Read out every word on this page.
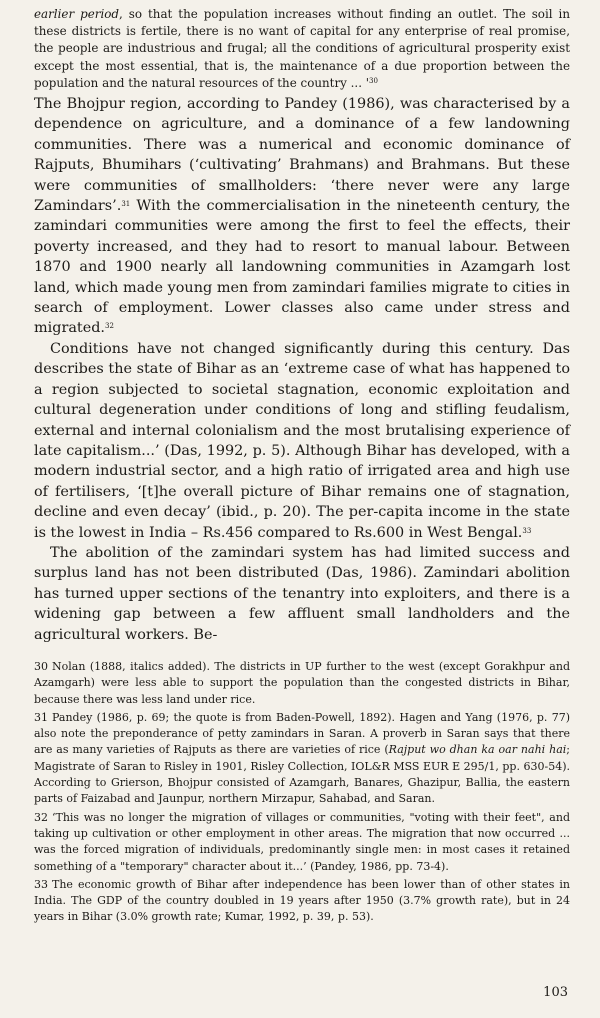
earlier period, so that the population increases without finding an outlet. The soil in these districts is fertile, there is no want of capital for any enterprise of real promise, the people are industrious and frugal; all the conditions of agricultural prosperity exist except the most essential, that is, the maintenance of a due proportion between the population and the natural resources of the country ... '$^{30}$

The Bhojpur region, according to Pandey (1986), was characterised by a dependence on agriculture, and a dominance of a few landowning communities. There was a numerical and economic dominance of Rajputs, Bhumihars (‘cultivating’ Brahmans) and Brahmans. But these were communities of smallholders: ‘there never were any large Zamindars’.$^{31}$ With the commercialisation in the nineteenth century, the zamindari communities were among the first to feel the effects, their poverty increased, and they had to resort to manual labour. Between 1870 and 1900 nearly all landowning communities in Azamgarh lost land, which made young men from zamindari families migrate to cities in search of employment. Lower classes also came under stress and migrated.$^{32}$

Conditions have not changed significantly during this century. Das describes the state of Bihar as an ‘extreme case of what has happened to a region subjected to societal stagnation, economic exploitation and cultural degeneration under conditions of long and stifling feudalism, external and internal colonialism and the most brutalising experience of late capitalism...’ (Das, 1992, p. 5). Although Bihar has developed, with a modern industrial sector, and a high ratio of irrigated area and high use of fertilisers, ‘[t]he overall picture of Bihar remains one of stagnation, decline and even decay’ (ibid., p. 20). The per-capita income in the state is the lowest in India – Rs.456 compared to Rs.600 in West Bengal.$^{33}$

The abolition of the zamindari system has had limited success and surplus land has not been distributed (Das, 1986). Zamindari abolition has turned upper sections of the tenantry into exploiters, and there is a widening gap between a few affluent small landholders and the agricultural workers. Be-

30 Nolan (1888, italics added). The districts in UP further to the west (except Gorakhpur and Azamgarh) were less able to support the population than the congested districts in Bihar, because there was less land under rice.

31 Pandey (1986, p. 69; the quote is from Baden-Powell, 1892). Hagen and Yang (1976, p. 77) also note the preponderance of petty zamindars in Saran. A proverb in Saran says that there are as many varieties of Rajputs as there are varieties of rice (Rajput wo dhan ka oar nahi hai; Magistrate of Saran to Risley in 1901, Risley Collection, IOL&R MSS EUR E 295/1, pp. 630-54). According to Grierson, Bhojpur consisted of Azamgarh, Banares, Ghazipur, Ballia, the eastern parts of Faizabad and Jaunpur, northern Mirzapur, Sahabad, and Saran.

32 ‘This was no longer the migration of villages or communities, "voting with their feet", and taking up cultivation or other employment in other areas. The migration that now occurred ... was the forced migration of individuals, predominantly single men: in most cases it retained something of a "temporary" character about it...’ (Pandey, 1986, pp. 73-4).

33 The economic growth of Bihar after independence has been lower than of other states in India. The GDP of the country doubled in 19 years after 1950 (3.7% growth rate), but in 24 years in Bihar (3.0% growth rate; Kumar, 1992, p. 39, p. 53).

103
